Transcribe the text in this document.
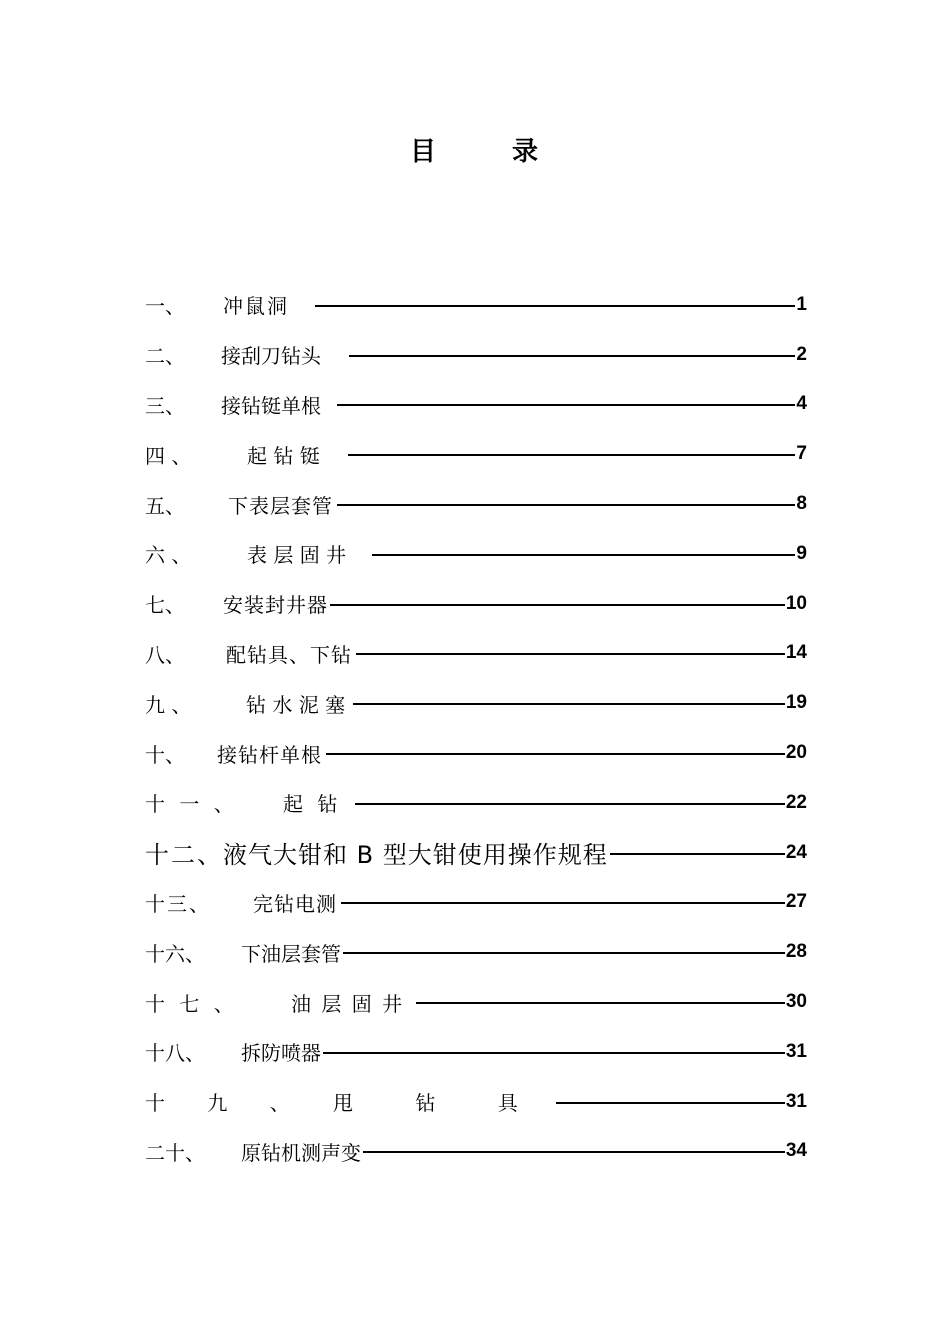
目	录
一、	冲鼠洞	1
二、	接刮刀钻头	2
三、	接钻铤单根	4
四 、	起 钻 铤	7
五、	下表层套管	8
六 、	表 层 固 井	9
七、	安装封井器	10
八、	配钻具、下钻	14
九 、	钻 水 泥 塞	19
十、	接钻杆单根	20
十 一 、	起 钻	22
十二、 液气大钳和 B 型大钳使用操作规程	24
十三、	完钻电测	27
十六、	下油层套管	28
十 七 、	油 层 固 井	30
十八、	拆防喷器	31
十 九 、	甩 钻 具	31
二十、	原钻机测声变	34
